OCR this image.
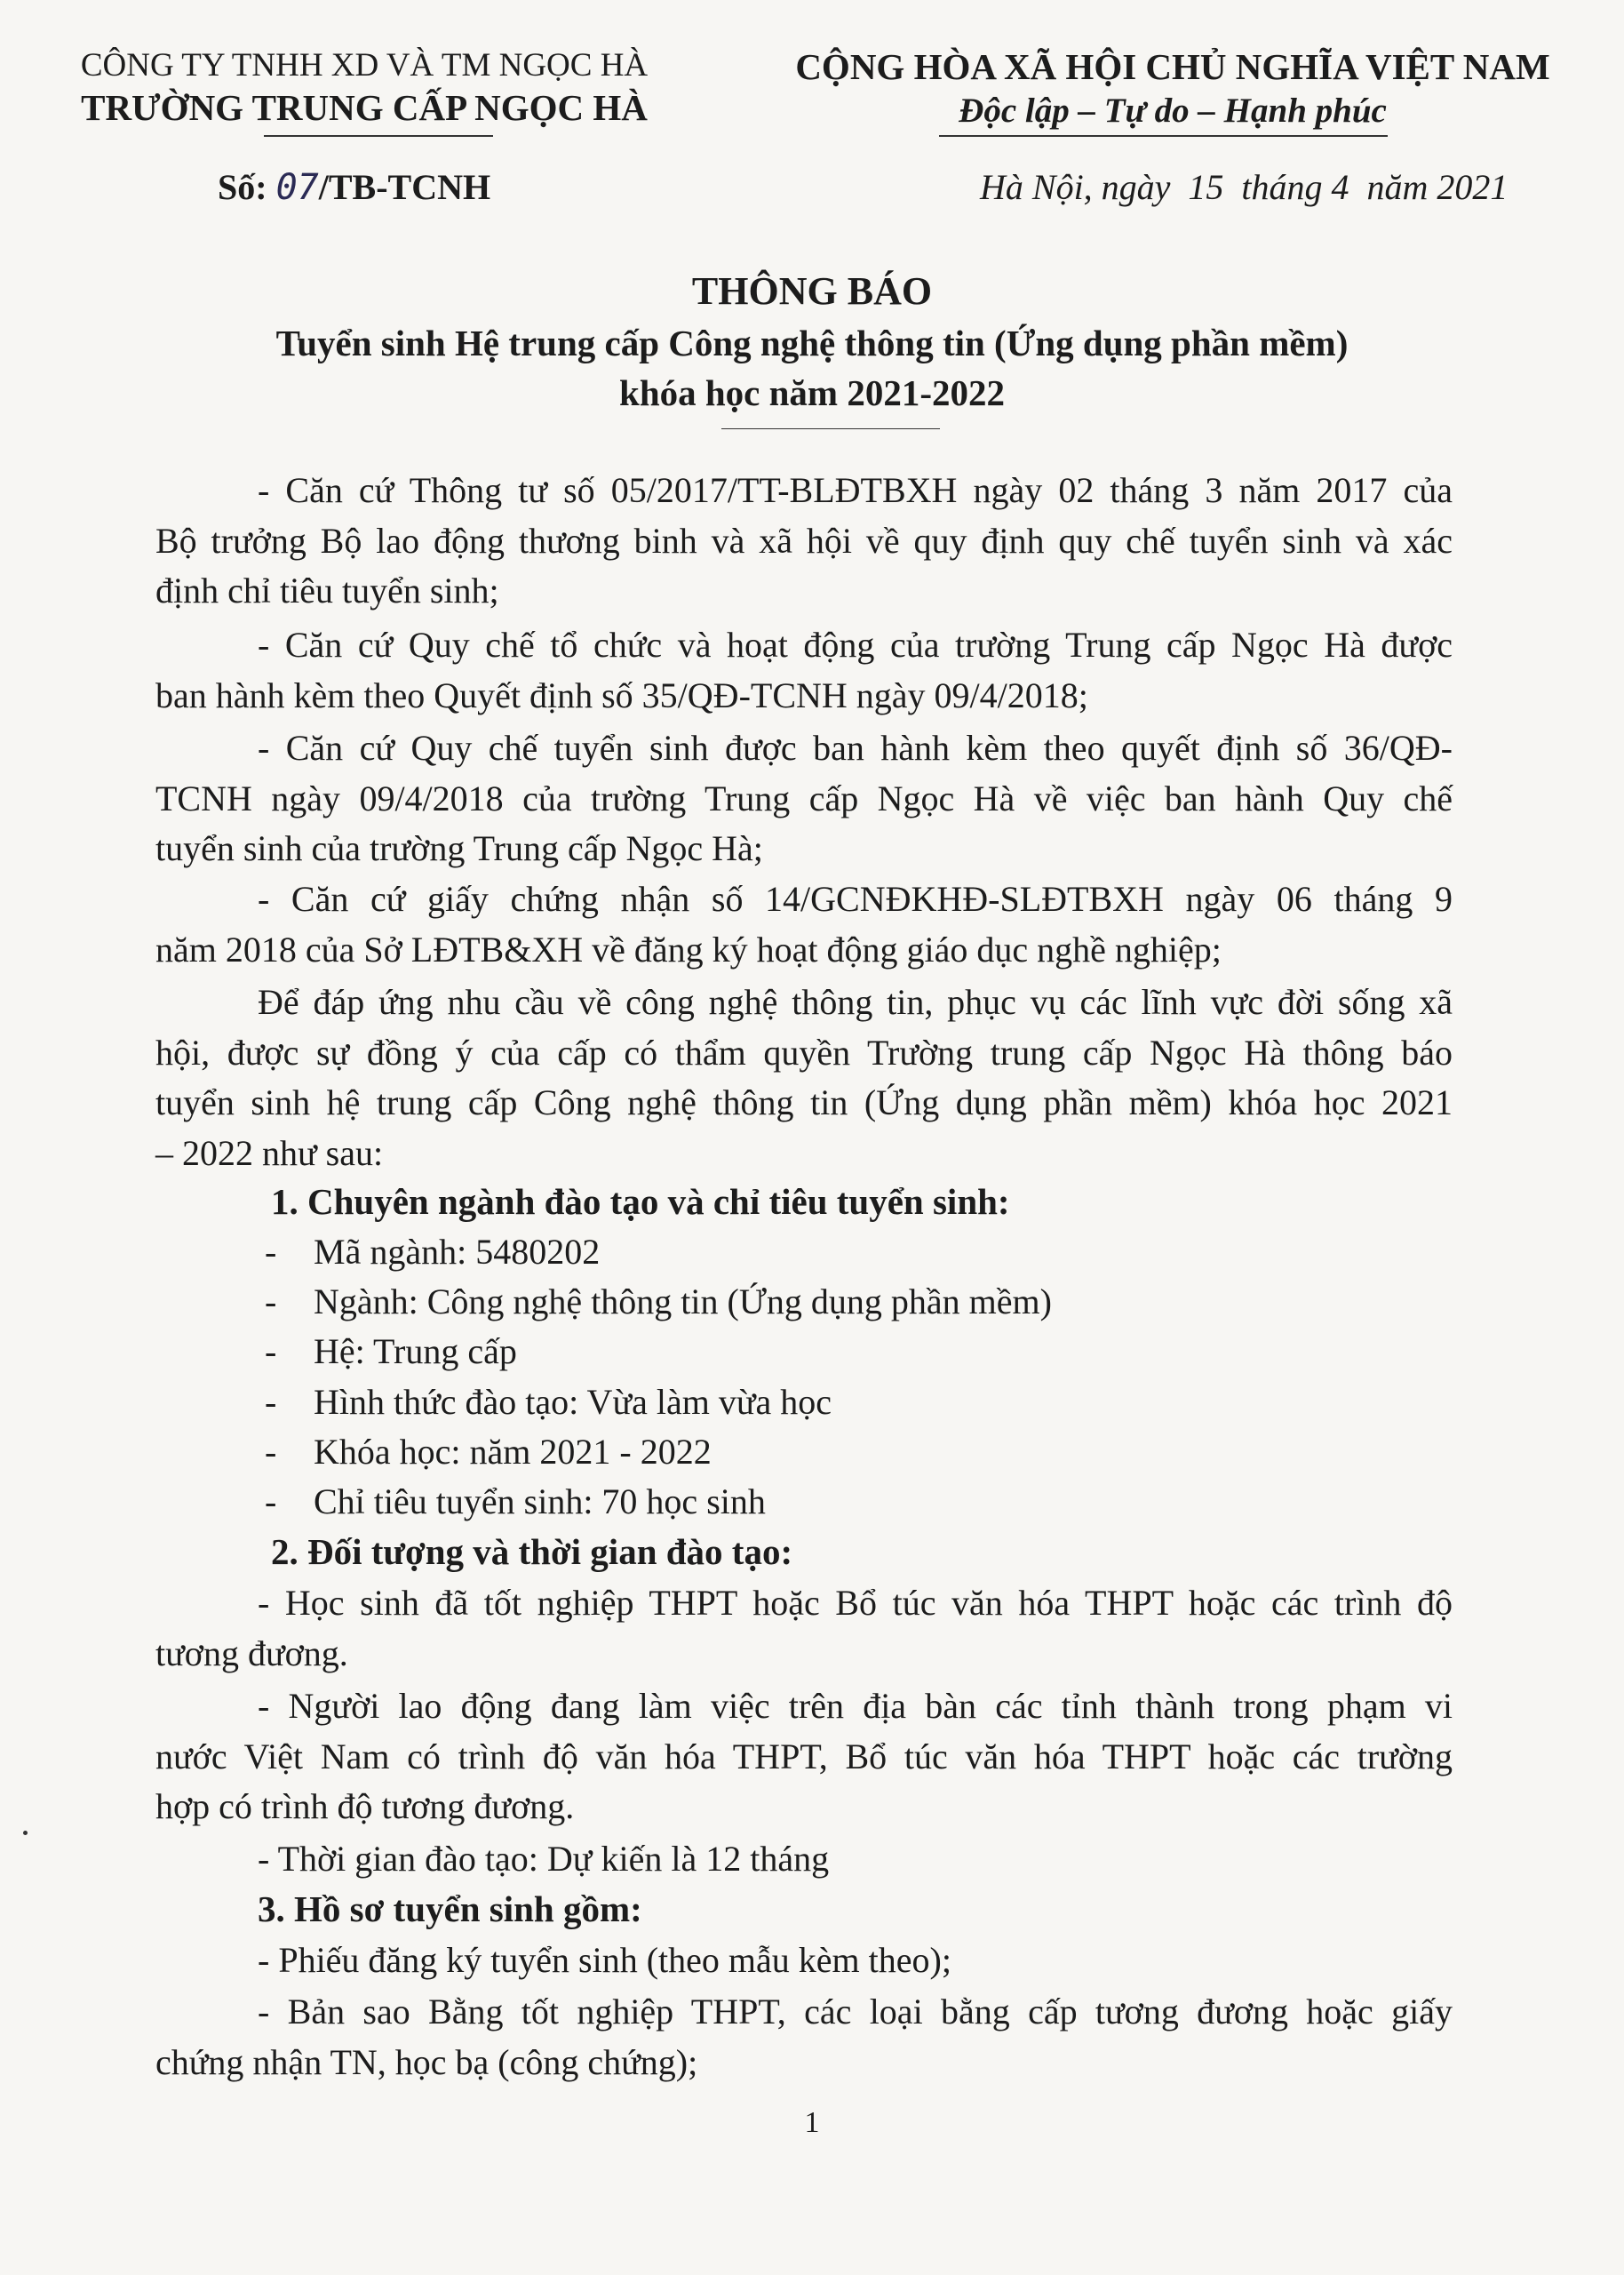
CÔNG TY TNHH XD VÀ TM NGỌC HÀ
TRƯỜNG TRUNG CẤP NGỌC HÀ
CỘNG HÒA XÃ HỘI CHỦ NGHĨA VIỆT NAM
Độc lập – Tự do – Hạnh phúc
Số: 07/TB-TCNH	Hà Nội, ngày  15  tháng 4  năm 2021
THÔNG BÁO
Tuyển sinh Hệ trung cấp Công nghệ thông tin (Ứng dụng phần mềm)
khóa học năm 2021-2022
- Căn cứ Thông tư số 05/2017/TT-BLĐTBXH ngày 02 tháng 3 năm 2017 của
Bộ trưởng Bộ lao động thương binh và xã hội về quy định quy chế tuyển sinh và xác
định chỉ tiêu tuyển sinh;
- Căn cứ Quy chế tổ chức và hoạt động của trường Trung cấp Ngọc Hà được
ban hành kèm theo Quyết định số 35/QĐ-TCNH ngày 09/4/2018;
- Căn cứ Quy chế tuyển sinh được ban hành kèm theo quyết định số 36/QĐ-
TCNH ngày 09/4/2018 của trường Trung cấp Ngọc Hà về việc ban hành Quy chế
tuyển sinh của trường Trung cấp Ngọc Hà;
- Căn cứ giấy chứng nhận số 14/GCNĐKHĐ-SLĐTBXH ngày 06 tháng 9
năm 2018 của Sở LĐTB&XH về đăng ký hoạt động giáo dục nghề nghiệp;
Để đáp ứng nhu cầu về công nghệ thông tin, phục vụ các lĩnh vực đời sống xã
hội, được sự đồng ý của cấp có thẩm quyền Trường trung cấp Ngọc Hà thông báo
tuyển sinh hệ trung cấp Công nghệ thông tin (Ứng dụng phần mềm) khóa học 2021
– 2022 như sau:
1. Chuyên ngành đào tạo và chỉ tiêu tuyển sinh:
- Mã ngành: 5480202
- Ngành: Công nghệ thông tin (Ứng dụng phần mềm)
- Hệ: Trung cấp
- Hình thức đào tạo: Vừa làm vừa học
- Khóa học: năm 2021 - 2022
- Chỉ tiêu tuyển sinh: 70 học sinh
2. Đối tượng và thời gian đào tạo:
- Học sinh đã tốt nghiệp THPT hoặc Bổ túc văn hóa THPT hoặc các trình độ
tương đương.
- Người lao động đang làm việc trên địa bàn các tỉnh thành trong phạm vi
nước Việt Nam có trình độ văn hóa THPT, Bổ túc văn hóa THPT hoặc các trường
hợp có trình độ tương đương.
- Thời gian đào tạo: Dự kiến là 12 tháng
3. Hồ sơ tuyển sinh gồm:
- Phiếu đăng ký tuyển sinh (theo mẫu kèm theo);
- Bản sao Bằng tốt nghiệp THPT, các loại bằng cấp tương đương hoặc giấy
chứng nhận TN, học bạ (công chứng);
1
